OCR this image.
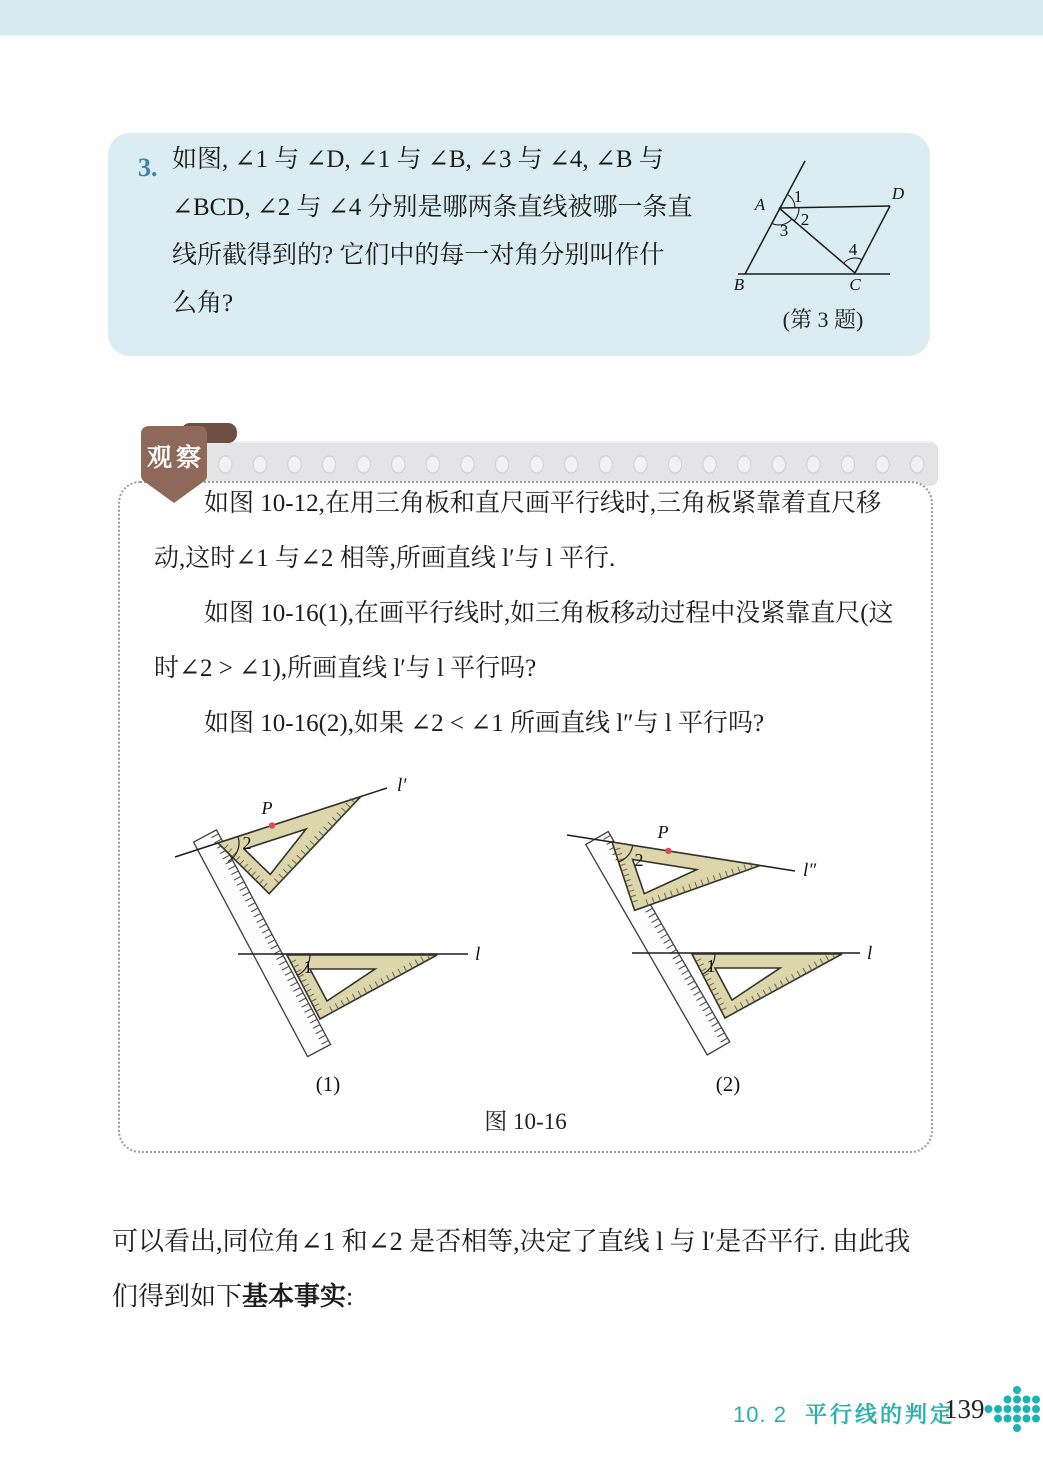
3. 如图, ∠1 与 ∠D, ∠1 与 ∠B, ∠3 与 ∠4, ∠B 与
∠BCD, ∠2 与 ∠4 分别是哪两条直线被哪一条直
线所截得到的? 它们中的每一对角分别叫作什
么角?
A
B	C
D
1
2
3
4
(第 3 题)
观察
如图 10-12,在用三角板和直尺画平行线时,三角板紧靠着直尺移
动,这时∠1 与∠2 相等,所画直线 l′与 l 平行.
如图 10-16(1),在画平行线时,如三角板移动过程中没紧靠直尺(这
时∠2 > ∠1),所画直线 l′与 l 平行吗?
如图 10-16(2),如果 ∠2 < ∠1 所画直线 l″与 l 平行吗?
P
2
1
l′
l
(1)
P
2
1
l″
l
(2)
图 10-16
可以看出,同位角∠1 和∠2 是否相等,决定了直线 l 与 l′是否平行. 由此我
们得到如下基本事实:
10. 2 平行线的判定
139
